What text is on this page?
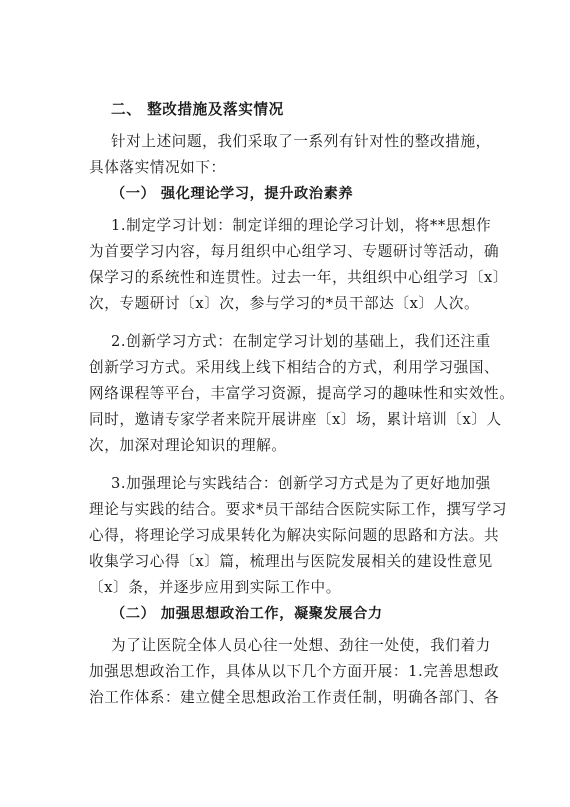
二、 整改措施及落实情况
针对上述问题，我们采取了一系列有针对性的整改措施，
具体落实情况如下：
（一） 强化理论学习，提升政治素养
1.制定学习计划：制定详细的理论学习计划，将**思想作
为首要学习内容，每月组织中心组学习、专题研讨等活动，确
保学习的系统性和连贯性。过去一年，共组织中心组学习〔x〕
次，专题研讨〔x〕次，参与学习的*员干部达〔x〕人次。
2.创新学习方式：在制定学习计划的基础上，我们还注重
创新学习方式。采用线上线下相结合的方式，利用学习强国、
网络课程等平台，丰富学习资源，提高学习的趣味性和实效性。
同时，邀请专家学者来院开展讲座〔x〕场，累计培训〔x〕人
次，加深对理论知识的理解。
3.加强理论与实践结合：创新学习方式是为了更好地加强
理论与实践的结合。要求*员干部结合医院实际工作，撰写学习
心得，将理论学习成果转化为解决实际问题的思路和方法。共
收集学习心得〔x〕篇，梳理出与医院发展相关的建设性意见
〔x〕条，并逐步应用到实际工作中。
（二） 加强思想政治工作，凝聚发展合力
为了让医院全体人员心往一处想、劲往一处使，我们着力
加强思想政治工作，具体从以下几个方面开展：1.完善思想政
治工作体系：建立健全思想政治工作责任制，明确各部门、各
